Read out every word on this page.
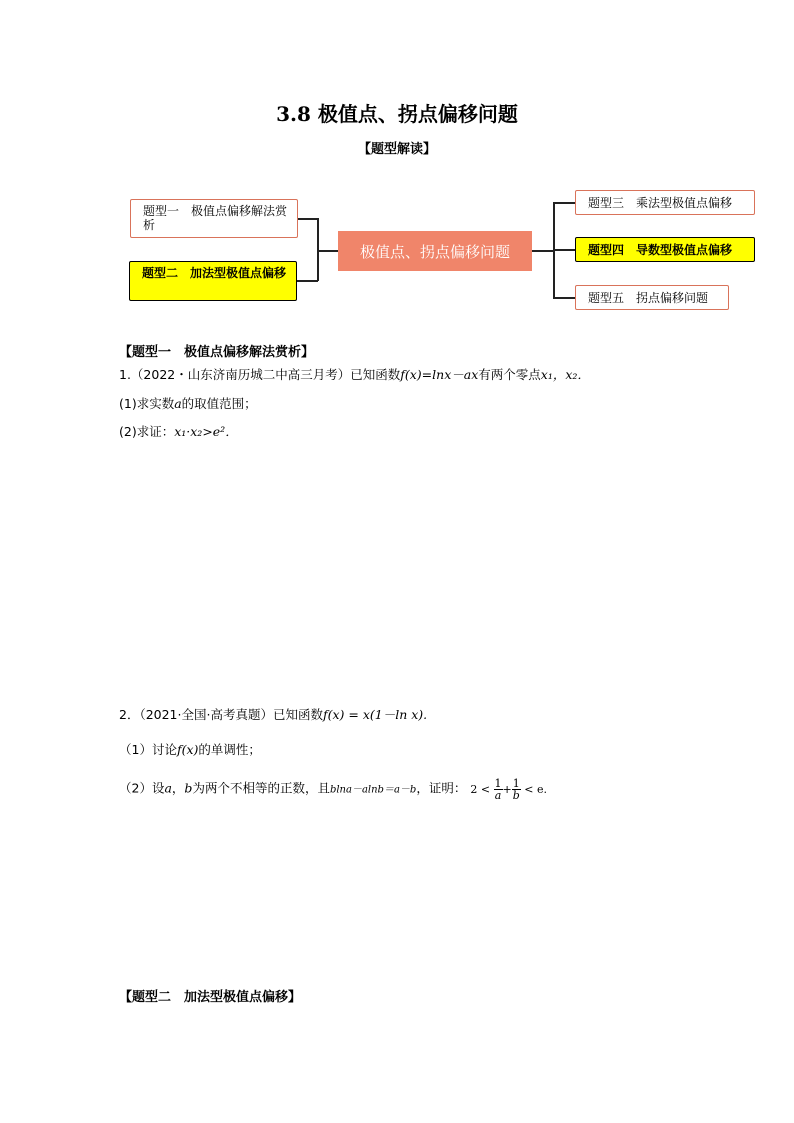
3.8 极值点、拐点偏移问题
【题型解读】
题型一　极值点偏移解法赏析
题型二　加法型极值点偏移
极值点、拐点偏移问题
题型三　乘法型极值点偏移
题型四　导数型极值点偏移
题型五　拐点偏移问题
【题型一　极值点偏移解法赏析】
1.（2022・山东济南历城二中高三月考）已知函数f(x)=lnx－ax有两个零点x₁，x₂．
(1)求实数a的取值范围；
(2)求证：x₁·x₂>e²．
2．（2021·全国·高考真题）已知函数f(x) = x(1－ln x).
（1）讨论f(x)的单调性；
（2）设a，b为两个不相等的正数，且blna－alnb＝a－b，证明： $2 < \frac{1}{a} + \frac{1}{b} < e$.
【题型二　加法型极值点偏移】
